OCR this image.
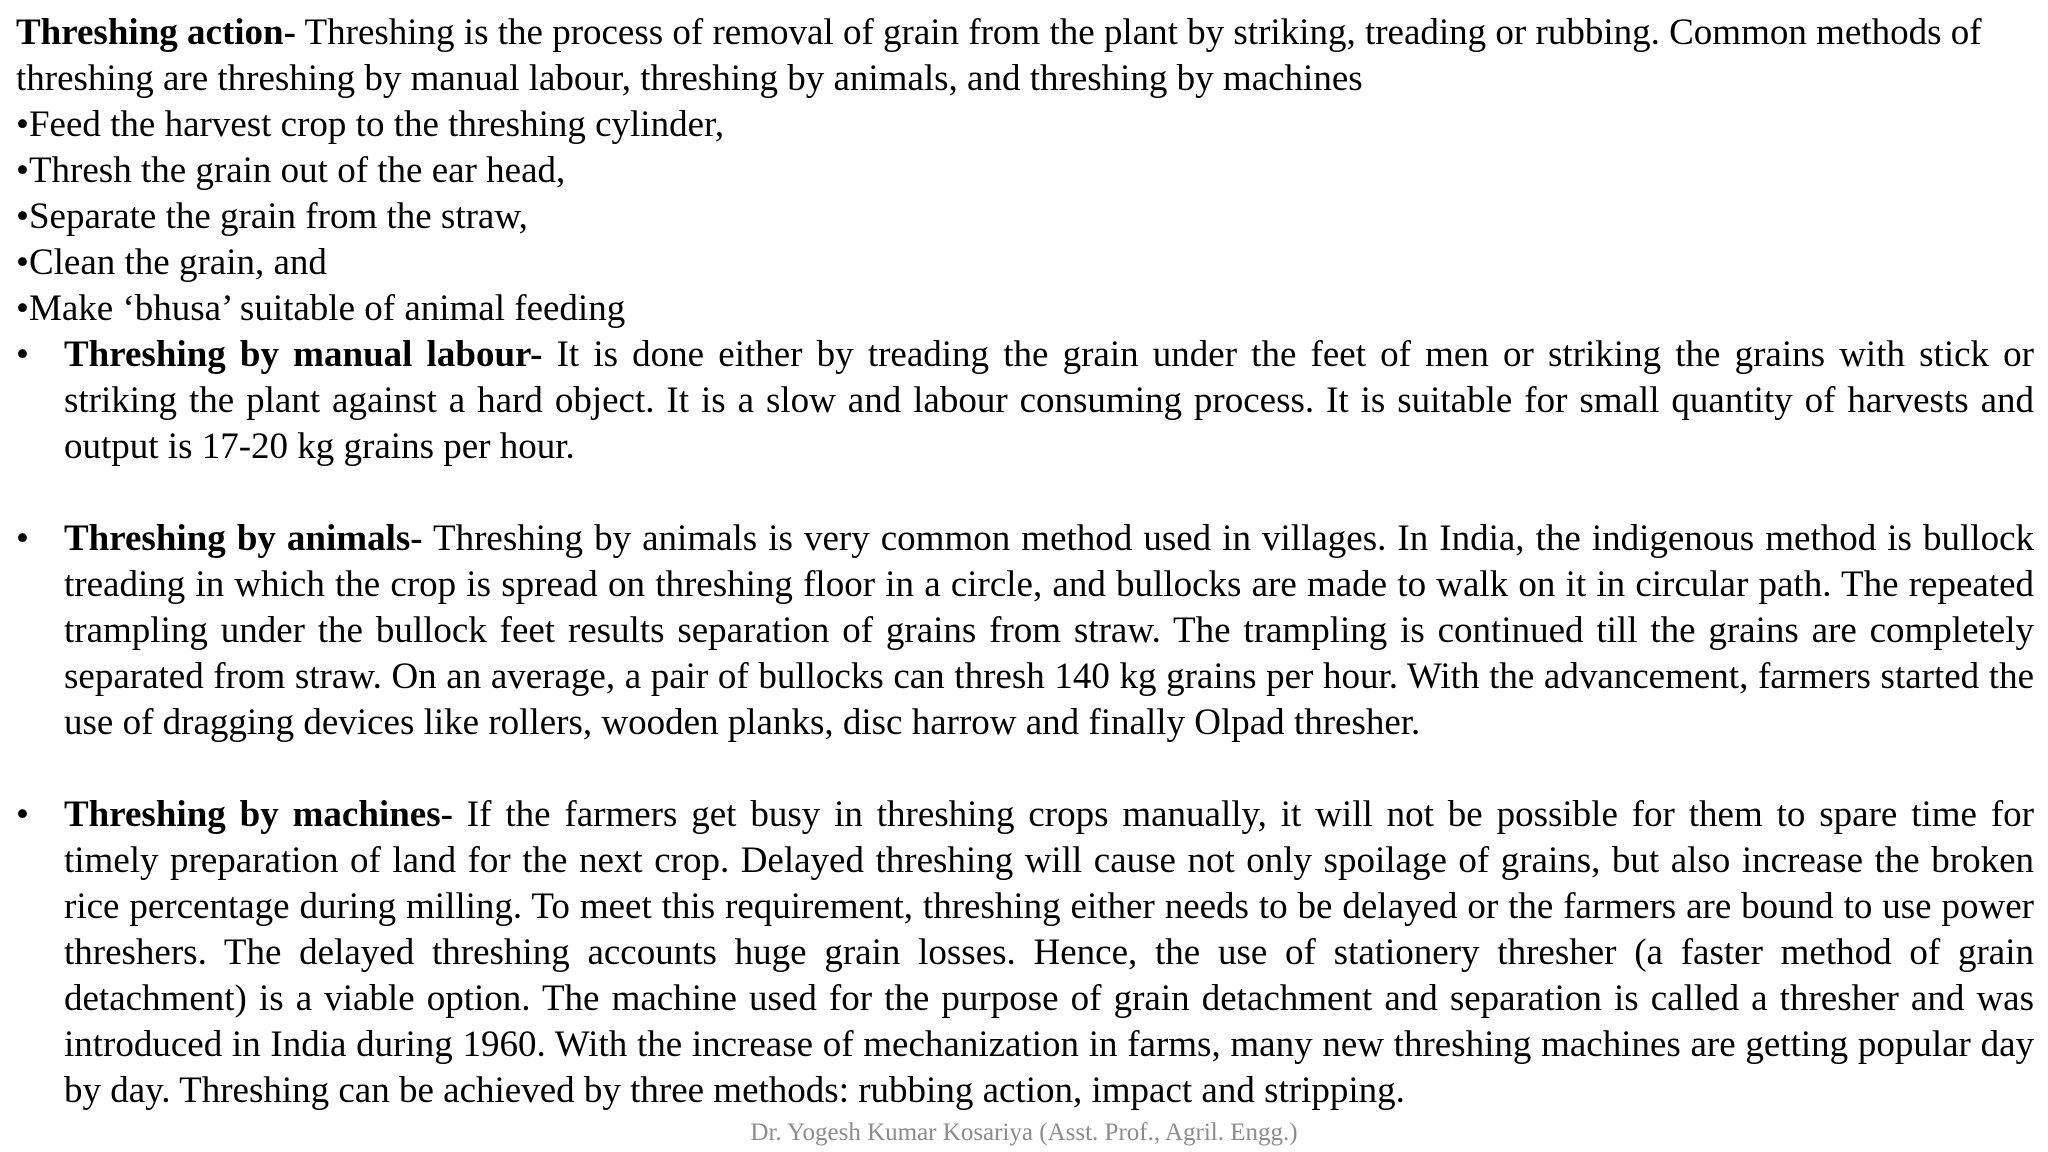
Threshing action- Threshing is the process of removal of grain from the plant by striking, treading or rubbing. Common methods of threshing are threshing by manual labour, threshing by animals, and threshing by machines

•Feed the harvest crop to the threshing cylinder,

•Thresh the grain out of the ear head,

•Separate the grain from the straw,

•Clean the grain, and

•Make ‘bhusa’ suitable of animal feeding

• Threshing by manual labour- It is done either by treading the grain under the feet of men or striking the grains with stick or striking the plant against a hard object. It is a slow and labour consuming process. It is suitable for small quantity of harvests and output is 17-20 kg grains per hour.
• Threshing by animals- Threshing by animals is very common method used in villages. In India, the indigenous method is bullock treading in which the crop is spread on threshing floor in a circle, and bullocks are made to walk on it in circular path. The repeated trampling under the bullock feet results separation of grains from straw. The trampling is continued till the grains are completely separated from straw. On an average, a pair of bullocks can thresh 140 kg grains per hour. With the advancement, farmers started the use of dragging devices like rollers, wooden planks, disc harrow and finally Olpad thresher.
• Threshing by machines- If the farmers get busy in threshing crops manually, it will not be possible for them to spare time for timely preparation of land for the next crop. Delayed threshing will cause not only spoilage of grains, but also increase the broken rice percentage during milling. To meet this requirement, threshing either needs to be delayed or the farmers are bound to use power threshers. The delayed threshing accounts huge grain losses. Hence, the use of stationery thresher (a faster method of grain detachment) is a viable option. The machine used for the purpose of grain detachment and separation is called a thresher and was introduced in India during 1960. With the increase of mechanization in farms, many new threshing machines are getting popular day by day. Threshing can be achieved by three methods: rubbing action, impact and stripping.
Dr. Yogesh Kumar Kosariya (Asst. Prof., Agril. Engg.)
